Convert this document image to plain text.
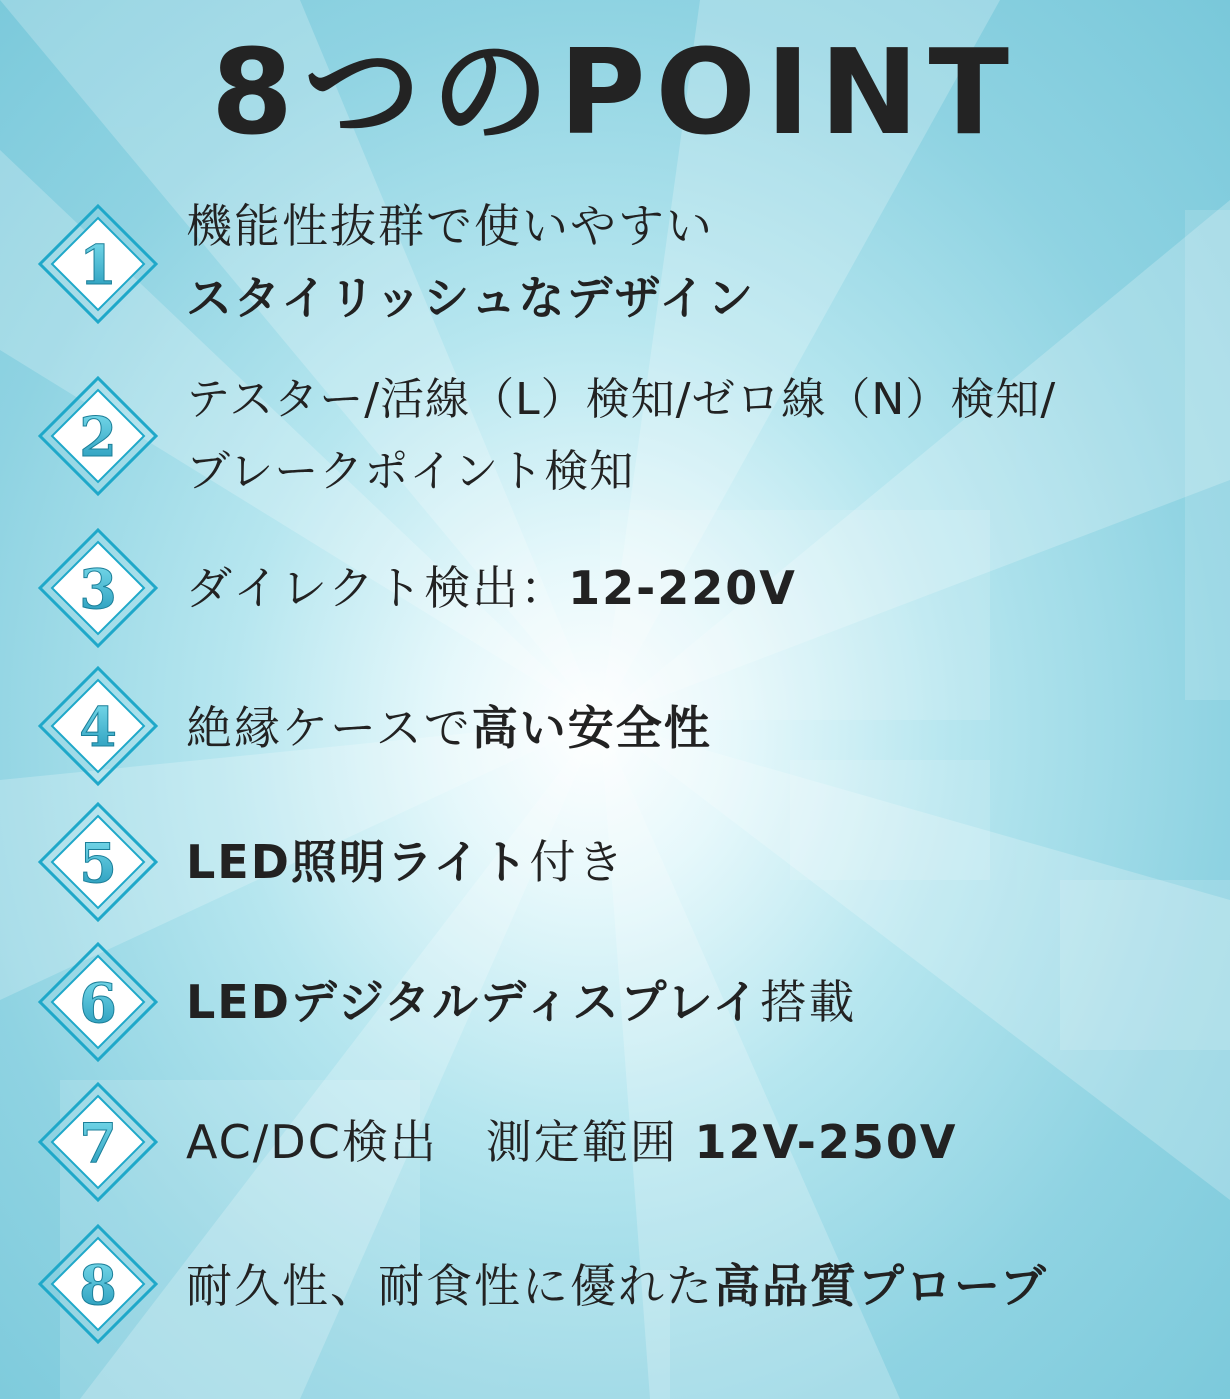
8つのPOINT
1
機能性抜群で使いやすい
スタイリッシュなデザイン
2
テスター/活線（L）検知/ゼロ線（N）検知/
ブレークポイント検知
3 ダイレクト検出：12-220V
4 絶縁ケースで高い安全性
5 LED照明ライト付き
6 LEDデジタルディスプレイ搭載
7 AC/DC検出　測定範囲 12V-250V
8 耐久性、耐食性に優れた高品質プローブ
